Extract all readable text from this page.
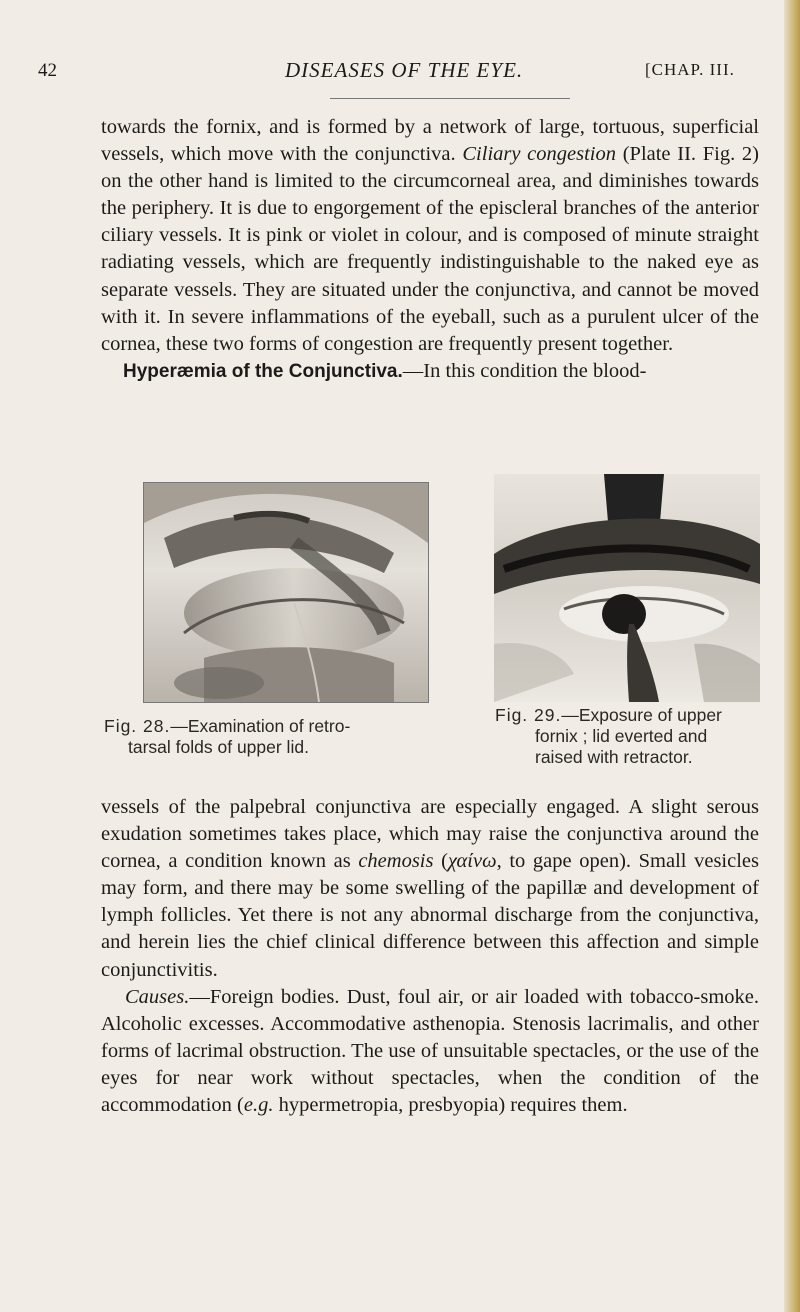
42	DISEASES OF THE EYE.	[CHAP. III.

towards the fornix, and is formed by a network of large, tortuous, superficial vessels, which move with the conjunctiva. Ciliary congestion (Plate II. Fig. 2) on the other hand is limited to the circumcorneal area, and diminishes towards the periphery. It is due to engorgement of the episcleral branches of the anterior ciliary vessels. It is pink or violet in colour, and is composed of minute straight radiating vessels, which are frequently indistinguishable to the naked eye as separate vessels. They are situated under the conjunctiva, and cannot be moved with it. In severe inflammations of the eyeball, such as a purulent ulcer of the cornea, these two forms of congestion are frequently present together.
Hyperæmia of the Conjunctiva.—In this condition the blood-

Fig. 28.—Examination of retro-
tarsal folds of upper lid.

Fig. 29.—Exposure of upper
fornix ; lid everted and
raised with retractor.

vessels of the palpebral conjunctiva are especially engaged. A slight serous exudation sometimes takes place, which may raise the conjunctiva around the cornea, a condition known as chemosis (χαίνω, to gape open). Small vesicles may form, and there may be some swelling of the papillæ and development of lymph follicles. Yet there is not any abnormal discharge from the conjunctiva, and herein lies the chief clinical difference between this affection and simple conjunctivitis.

Causes.—Foreign bodies. Dust, foul air, or air loaded with tobacco-smoke. Alcoholic excesses. Accommodative asthenopia. Stenosis lacrimalis, and other forms of lacrimal obstruction. The use of unsuitable spectacles, or the use of the eyes for near work without spectacles, when the condition of the accommodation (e.g. hypermetropia, presbyopia) requires them.
